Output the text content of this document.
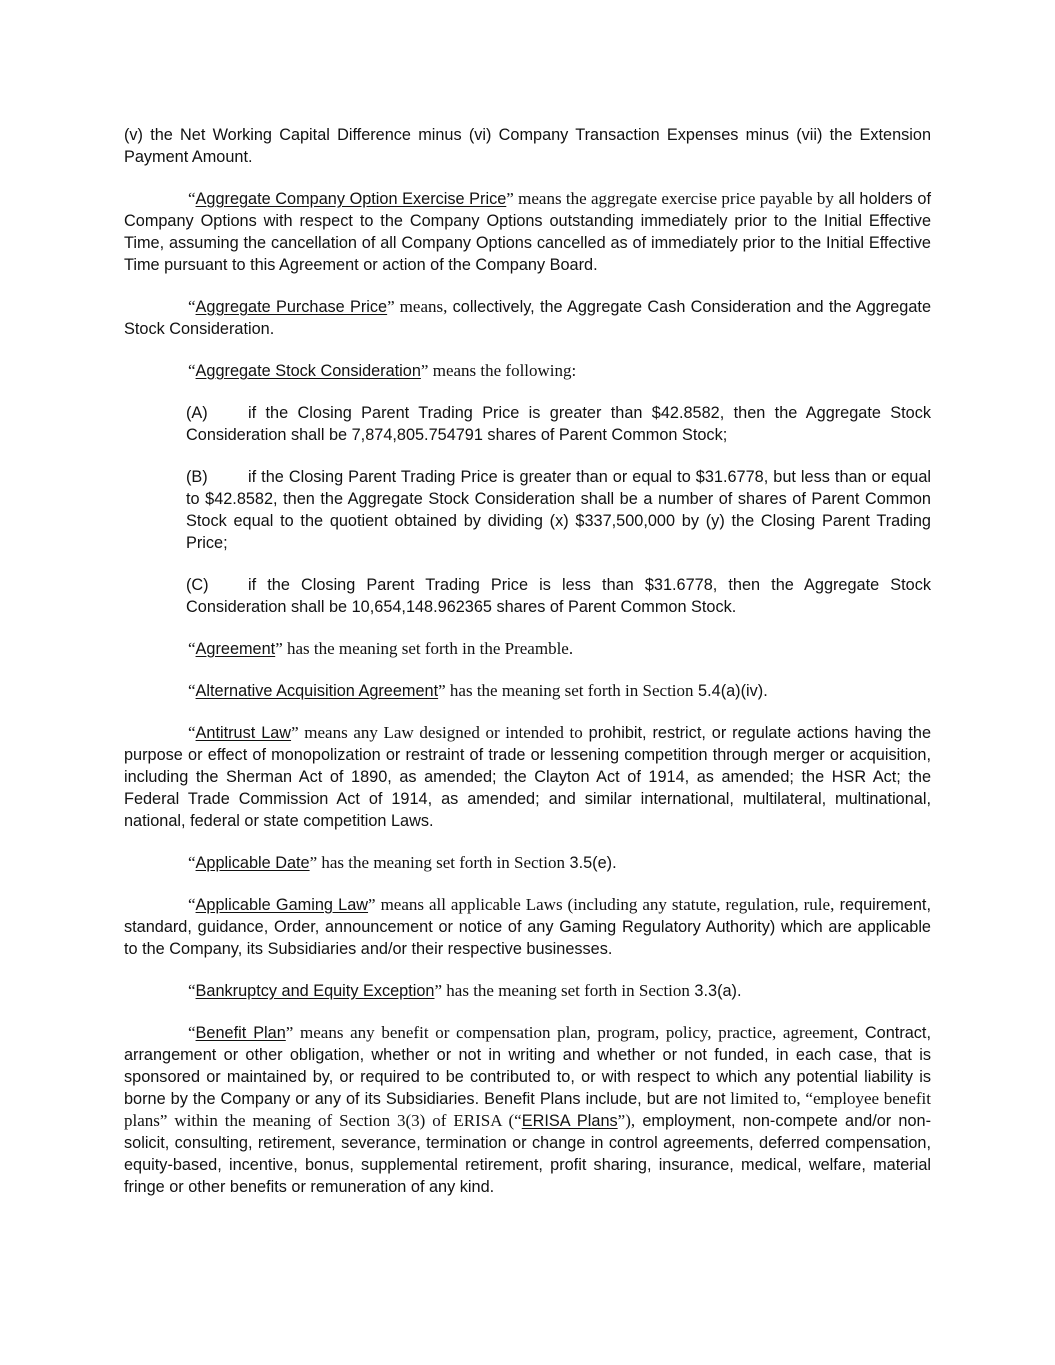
(v) the Net Working Capital Difference minus (vi) Company Transaction Expenses minus (vii) the Extension Payment Amount.

“Aggregate Company Option Exercise Price” means the aggregate exercise price payable by all holders of Company Options with respect to the Company Options outstanding immediately prior to the Initial Effective Time, assuming the cancellation of all Company Options cancelled as of immediately prior to the Initial Effective Time pursuant to this Agreement or action of the Company Board.

“Aggregate Purchase Price” means, collectively, the Aggregate Cash Consideration and the Aggregate Stock Consideration.

“Aggregate Stock Consideration” means the following:

(A) if the Closing Parent Trading Price is greater than $42.8582, then the Aggregate Stock Consideration shall be 7,874,805.754791 shares of Parent Common Stock;

(B) if the Closing Parent Trading Price is greater than or equal to $31.6778, but less than or equal to $42.8582, then the Aggregate Stock Consideration shall be a number of shares of Parent Common Stock equal to the quotient obtained by dividing (x) $337,500,000 by (y) the Closing Parent Trading Price;

(C) if the Closing Parent Trading Price is less than $31.6778, then the Aggregate Stock Consideration shall be 10,654,148.962365 shares of Parent Common Stock.

“Agreement” has the meaning set forth in the Preamble.

“Alternative Acquisition Agreement” has the meaning set forth in Section 5.4(a)(iv).

“Antitrust Law” means any Law designed or intended to prohibit, restrict, or regulate actions having the purpose or effect of monopolization or restraint of trade or lessening competition through merger or acquisition, including the Sherman Act of 1890, as amended; the Clayton Act of 1914, as amended; the HSR Act; the Federal Trade Commission Act of 1914, as amended; and similar international, multilateral, multinational, national, federal or state competition Laws.

“Applicable Date” has the meaning set forth in Section 3.5(e).

“Applicable Gaming Law” means all applicable Laws (including any statute, regulation, rule, requirement, standard, guidance, Order, announcement or notice of any Gaming Regulatory Authority) which are applicable to the Company, its Subsidiaries and/or their respective businesses.

“Bankruptcy and Equity Exception” has the meaning set forth in Section 3.3(a).

“Benefit Plan” means any benefit or compensation plan, program, policy, practice, agreement, Contract, arrangement or other obligation, whether or not in writing and whether or not funded, in each case, that is sponsored or maintained by, or required to be contributed to, or with respect to which any potential liability is borne by the Company or any of its Subsidiaries. Benefit Plans include, but are not limited to, “employee benefit plans” within the meaning of Section 3(3) of ERISA (“ERISA Plans”), employment, non-compete and/or non-solicit, consulting, retirement, severance, termination or change in control agreements, deferred compensation, equity-based, incentive, bonus, supplemental retirement, profit sharing, insurance, medical, welfare, material fringe or other benefits or remuneration of any kind.
